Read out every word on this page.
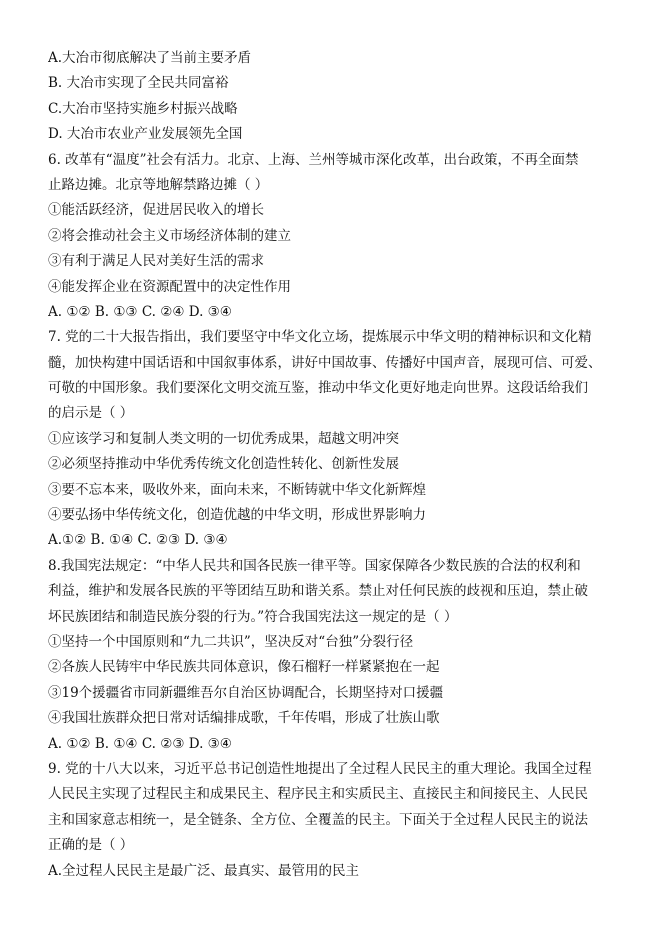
A.大冶市彻底解决了当前主要矛盾
B. 大冶市实现了全民共同富裕
C.大冶市坚持实施乡村振兴战略
D. 大冶市农业产业发展领先全国
6. 改革有“温度”社会有活力。北京、上海、兰州等城市深化改革，出台政策，不再全面禁
止路边摊。北京等地解禁路边摊（ ）
①能活跃经济，促进居民收入的增长
②将会推动社会主义市场经济体制的建立
③有利于满足人民对美好生活的需求
④能发挥企业在资源配置中的决定性作用
A. ①② B. ①③ C. ②④ D. ③④
7. 党的二十大报告指出，我们要坚守中华文化立场，提炼展示中华文明的精神标识和文化精
髓，加快构建中国话语和中国叙事体系，讲好中国故事、传播好中国声音，展现可信、可爱、
可敬的中国形象。我们要深化文明交流互鉴，推动中华文化更好地走向世界。这段话给我们
的启示是（ ）
①应该学习和复制人类文明的一切优秀成果，超越文明冲突
②必须坚持推动中华优秀传统文化创造性转化、创新性发展
③要不忘本来，吸收外来，面向未来，不断铸就中华文化新辉煌
④要弘扬中华传统文化，创造优越的中华文明，形成世界影响力
A.①② B. ①④ C. ②③ D. ③④
8.我国宪法规定：“中华人民共和国各民族一律平等。国家保障各少数民族的合法的权利和
利益，维护和发展各民族的平等团结互助和谐关系。禁止对任何民族的歧视和压迫，禁止破
坏民族团结和制造民族分裂的行为。”符合我国宪法这一规定的是（ ）
①坚持一个中国原则和“九二共识”，坚决反对“台独”分裂行径
②各族人民铸牢中华民族共同体意识，像石榴籽一样紧紧抱在一起
③19个援疆省市同新疆维吾尔自治区协调配合，长期坚持对口援疆
④我国壮族群众把日常对话编排成歌，千年传唱，形成了壮族山歌
A. ①② B. ①④ C. ②③ D. ③④
9. 党的十八大以来，习近平总书记创造性地提出了全过程人民民主的重大理论。我国全过程
人民民主实现了过程民主和成果民主、程序民主和实质民主、直接民主和间接民主、人民民
主和国家意志相统一，是全链条、全方位、全覆盖的民主。下面关于全过程人民民主的说法
正确的是（ ）
A.全过程人民民主是最广泛、最真实、最管用的民主
